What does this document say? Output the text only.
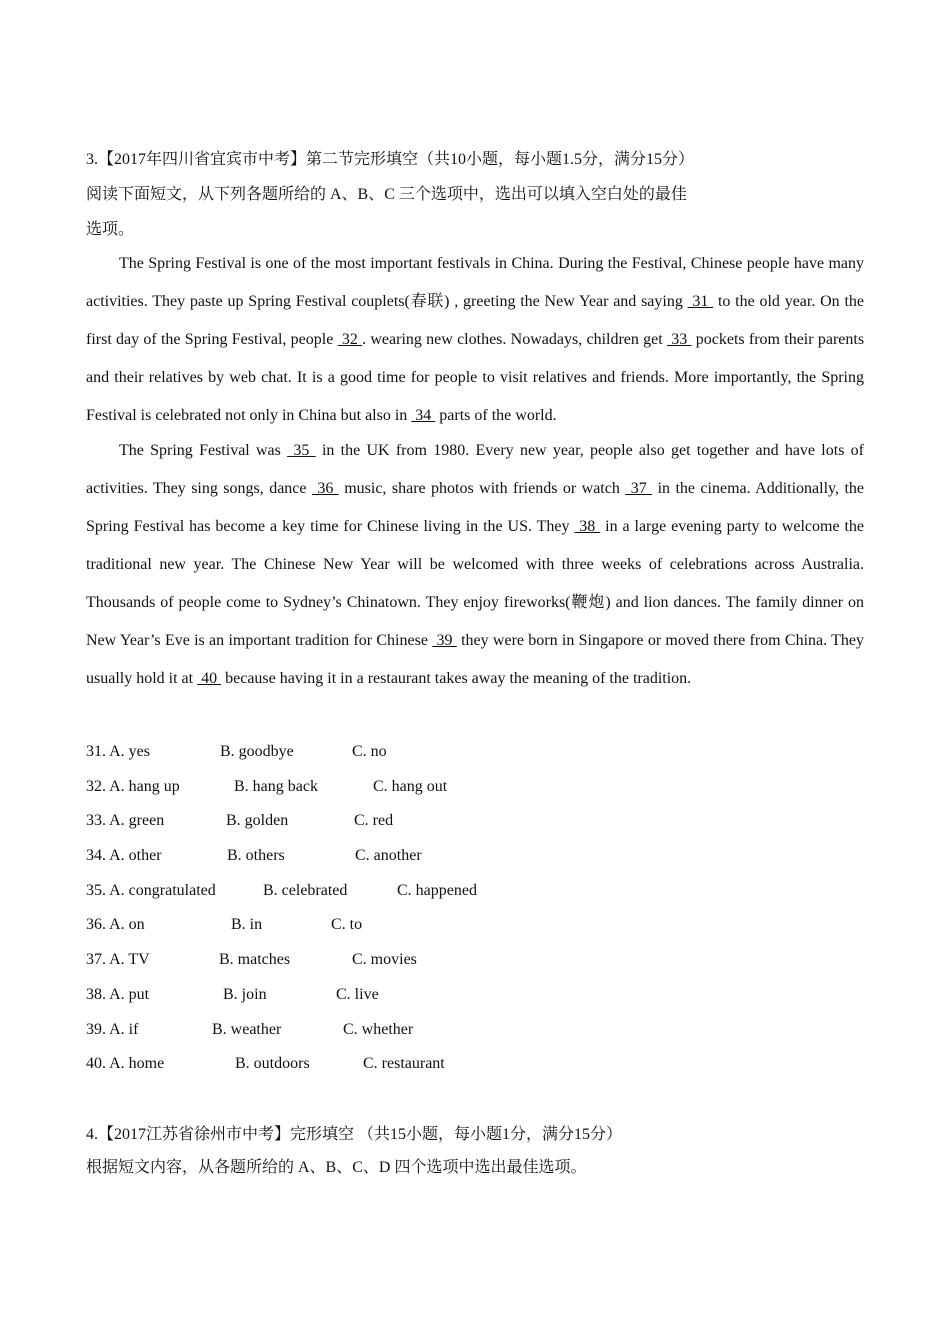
3.【2017年四川省宜宾市中考】第二节完形填空（共10小题，每小题1.5分，满分15分）
阅读下面短文，从下列各题所给的 A、B、C 三个选项中，选出可以填入空白处的最佳
选项。

The Spring Festival is one of the most important festivals in China. During the Festival, Chinese people have many activities. They paste up Spring Festival couplets(春联) , greeting the New Year and saying  31  to the old year. On the first day of the Spring Festival, people  32 . wearing new clothes. Nowadays, children get  33  pockets from their parents and their relatives by web chat. It is a good time for people to visit relatives and friends. More importantly, the Spring Festival is celebrated not only in China but also in  34  parts of the world.

The Spring Festival was  35  in the UK from 1980. Every new year, people also get together and have lots of activities. They sing songs, dance  36  music, share photos with friends or watch  37  in the cinema. Additionally, the Spring Festival has become a key time for Chinese living in the US. They  38  in a large evening party to welcome the traditional new year. The Chinese New Year will be welcomed with three weeks of celebrations across Australia. Thousands of people come to Sydney’s Chinatown. They enjoy fireworks(鞭炮) and lion dances. The family dinner on New Year’s Eve is an important tradition for Chinese  39  they were born in Singapore or moved there from China. They usually hold it at  40  because having it in a restaurant takes away the meaning of the tradition.

31. A. yes	B. goodbye	C. no
32. A. hang up	B. hang back	C. hang out
33. A. green	B. golden	C. red
34. A. other	B. others	C. another
35. A. congratulated	B. celebrated	C. happened
36. A. on	B. in	C. to
37. A. TV	B. matches	C. movies
38. A. put	B. join	C. live
39. A. if	B. weather	C. whether
40. A. home	B. outdoors	C. restaurant
4.【2017江苏省徐州市中考】完形填空 （共15小题，每小题1分，满分15分）
根据短文内容，从各题所给的 A、B、C、D 四个选项中选出最佳选项。
